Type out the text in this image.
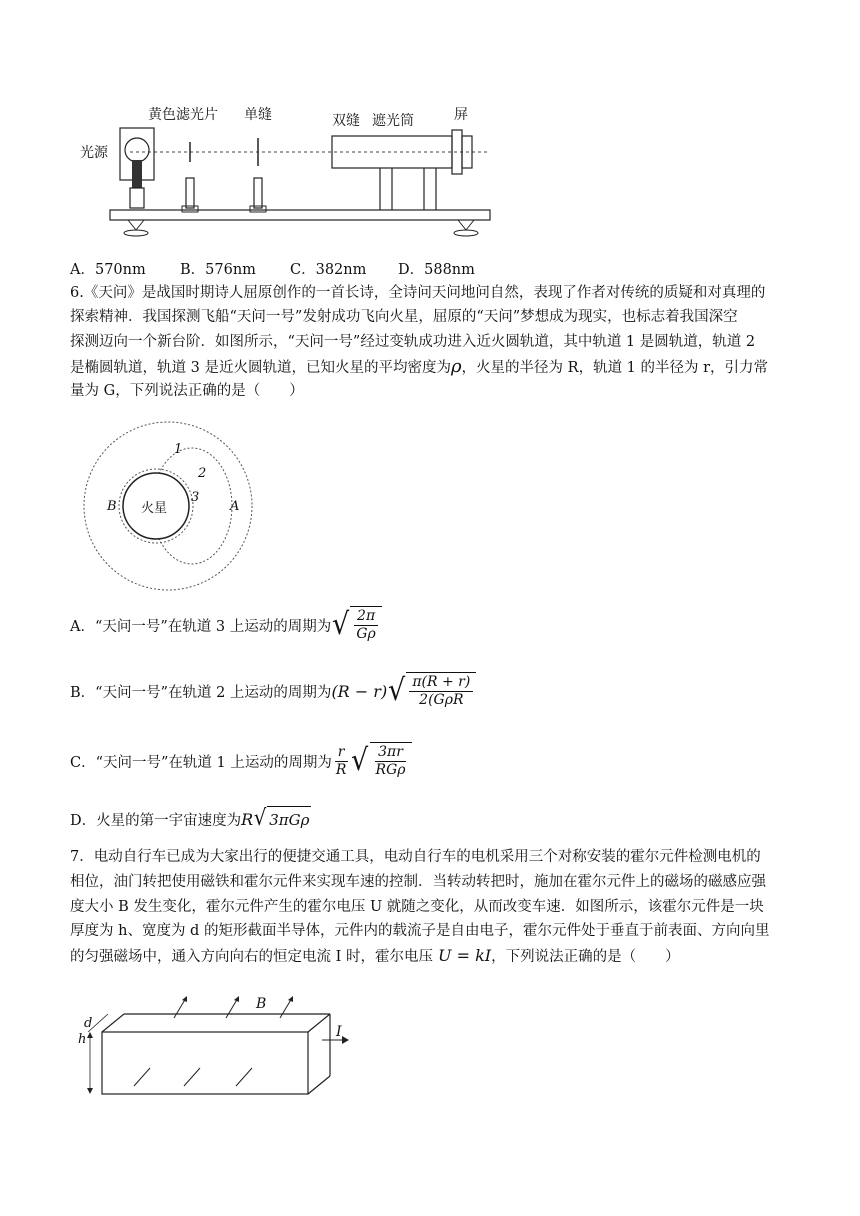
光源
黄色滤光片 单缝	双缝 遮光筒	屏
A．570nm B．576nm C．382nm D．588nm
6.《天问》是战国时期诗人屈原创作的一首长诗，全诗问天问地问自然，表现了作者对传统的质疑和对真理的
探索精神．我国探测飞船“天问一号”发射成功飞向火星，屈原的“天问”梦想成为现实，也标志着我国深空
探测迈向一个新台阶．如图所示，“天问一号”经过变轨成功进入近火圆轨道，其中轨道 1 是圆轨道，轨道 2
是椭圆轨道，轨道 3 是近火圆轨道，已知火星的平均密度为ρ，火星的半径为 R，轨道 1 的半径为 r，引力常
量为 G，下列说法正确的是（　　）
火星
1
2
3
B	A
A．“天问一号”在轨道 3 上运动的周期为 √ $\frac{2\pi}{G\rho}$
B．“天问一号”在轨道 2 上运动的周期为 (R − r) √ $\frac{\pi(R + r)}{\text{2(GρR}}$
C．“天问一号”在轨道 1 上运动的周期为 $\frac{r}{R}$ √ $\frac{3\pi r}{\text{RGρ}}$
D．火星的第一宇宙速度为 R √ 3πGρ
7．电动自行车已成为大家出行的便捷交通工具，电动自行车的电机采用三个对称安装的霍尔元件检测电机的
相位，油门转把使用磁铁和霍尔元件来实现车速的控制．当转动转把时，施加在霍尔元件上的磁场的磁感应强
度大小 B 发生变化，霍尔元件产生的霍尔电压 U 就随之变化，从而改变车速．如图所示，该霍尔元件是一块
厚度为 h、宽度为 d 的矩形截面半导体，元件内的载流子是自由电子，霍尔元件处于垂直于前表面、方向向里
的匀强磁场中，通入方向向右的恒定电流 I 时，霍尔电压 U = kI，下列说法正确的是（　　）
d
h
B
I
